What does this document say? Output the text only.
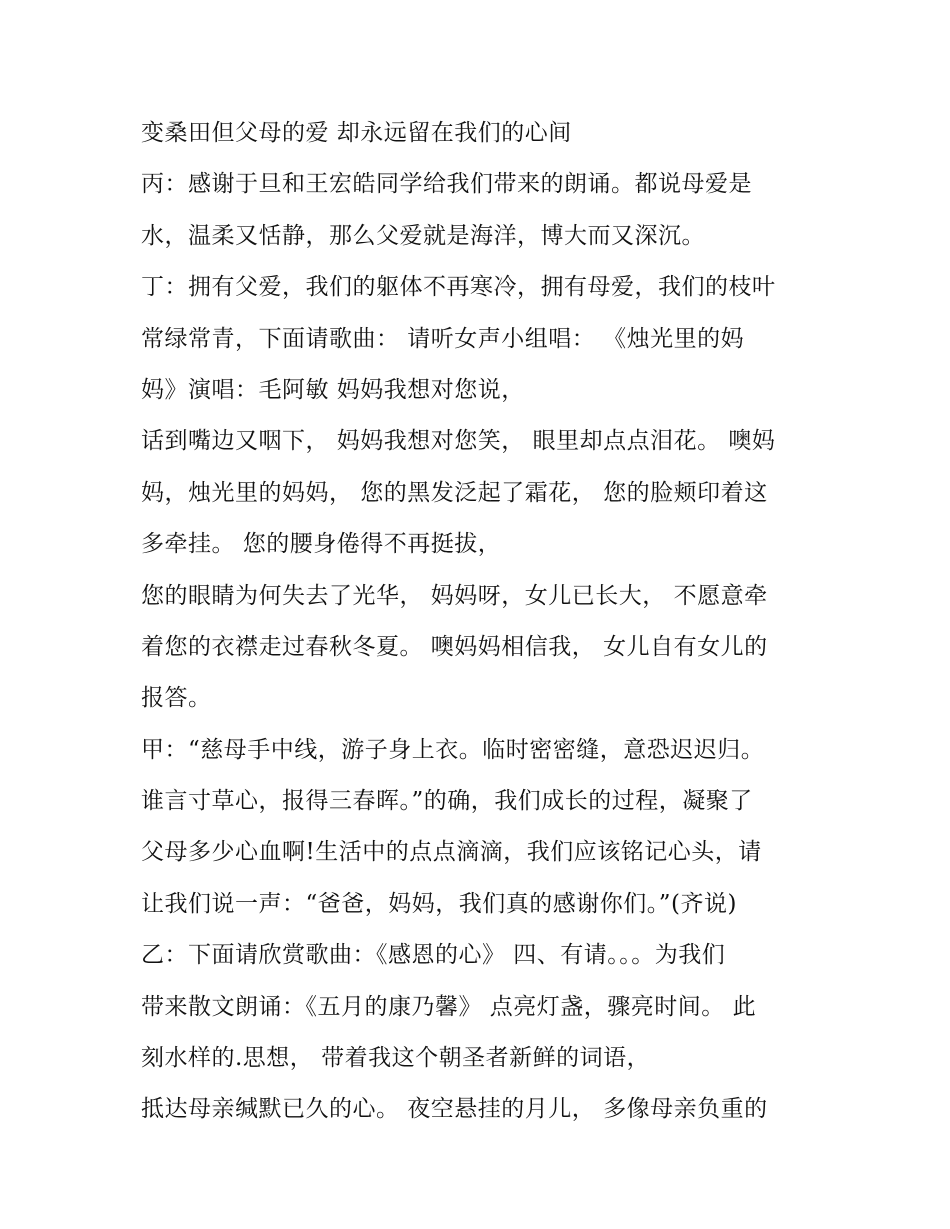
变桑田但父母的爱 却永远留在我们的心间
丙：感谢于旦和王宏皓同学给我们带来的朗诵。都说母爱是
水，温柔又恬静，那么父爱就是海洋，博大而又深沉。
丁：拥有父爱，我们的躯体不再寒冷，拥有母爱，我们的枝叶
常绿常青，下面请歌曲： 请听女声小组唱： 《烛光里的妈
妈》演唱：毛阿敏 妈妈我想对您说，
话到嘴边又咽下， 妈妈我想对您笑， 眼里却点点泪花。 噢妈
妈，烛光里的妈妈， 您的黑发泛起了霜花， 您的脸颊印着这
多牵挂。 您的腰身倦得不再挺拔，
您的眼睛为何失去了光华， 妈妈呀，女儿已长大， 不愿意牵
着您的衣襟走过春秋冬夏。 噢妈妈相信我， 女儿自有女儿的
报答。
甲：“慈母手中线，游子身上衣。临时密密缝，意恐迟迟归。
谁言寸草心，报得三春晖。”的确，我们成长的过程，凝聚了
父母多少心血啊!生活中的点点滴滴，我们应该铭记心头，请
让我们说一声：“爸爸，妈妈，我们真的感谢你们。”(齐说)
乙：下面请欣赏歌曲：《感恩的心》 四、有请。。。为我们
带来散文朗诵：《五月的康乃馨》 点亮灯盏，骤亮时间。 此
刻水样的.思想， 带着我这个朝圣者新鲜的词语，
抵达母亲缄默已久的心。 夜空悬挂的月儿， 多像母亲负重的
